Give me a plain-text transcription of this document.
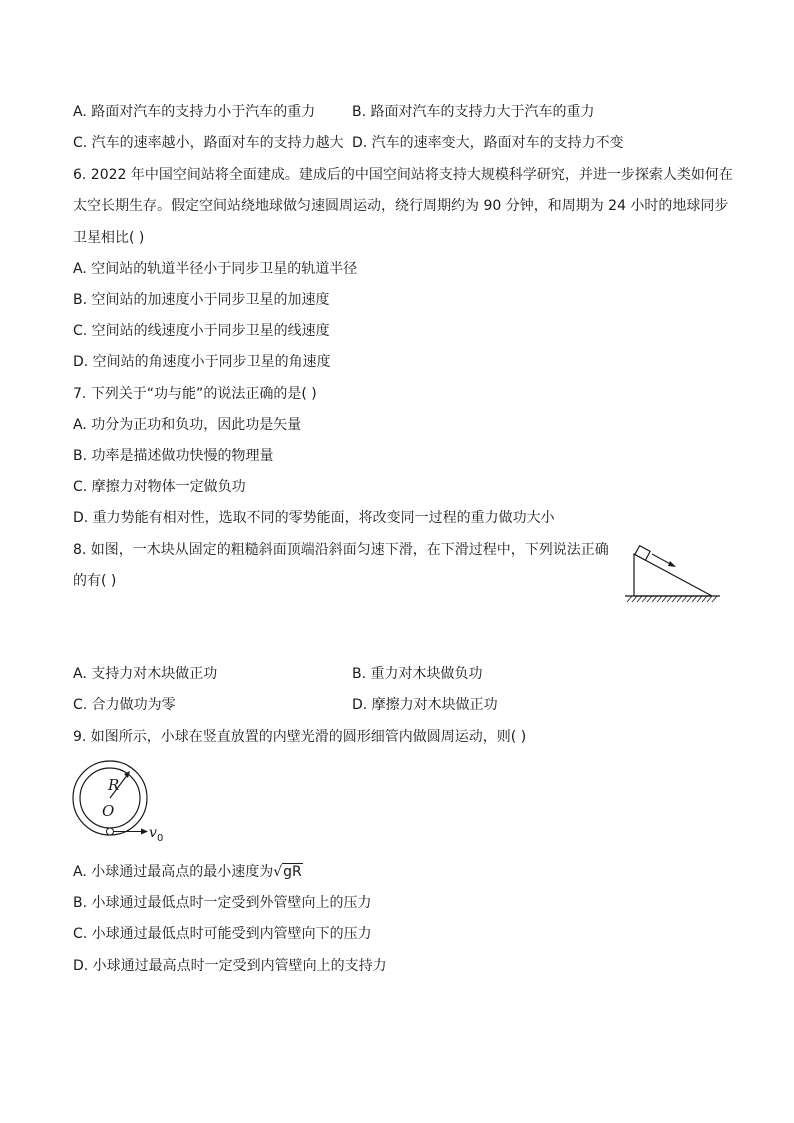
A. 路面对汽车的支持力小于汽车的重力	B. 路面对汽车的支持力大于汽车的重力
C. 汽车的速率越小，路面对车的支持力越大 D. 汽车的速率变大，路面对车的支持力不变
6. 2022 年中国空间站将全面建成。建成后的中国空间站将支持大规模科学研究，并进一步探索人类如何在
太空长期生存。假定空间站绕地球做匀速圆周运动，绕行周期约为 90 分钟，和周期为 24 小时的地球同步
卫星相比( )
A. 空间站的轨道半径小于同步卫星的轨道半径
B. 空间站的加速度小于同步卫星的加速度
C. 空间站的线速度小于同步卫星的线速度
D. 空间站的角速度小于同步卫星的角速度
7. 下列关于“功与能”的说法正确的是( )
A. 功分为正功和负功，因此功是矢量
B. 功率是描述做功快慢的物理量
C. 摩擦力对物体一定做负功
D. 重力势能有相对性，选取不同的零势能面，将改变同一过程的重力做功大小
8. 如图，一木块从固定的粗糙斜面顶端沿斜面匀速下滑，在下滑过程中，下列说法正确
的有( )
A. 支持力对木块做正功	B. 重力对木块做负功
C. 合力做功为零	D. 摩擦力对木块做正功
9. 如图所示，小球在竖直放置的内壁光滑的圆形细管内做圆周运动，则( )
R
O
v 0
A. 小球通过最高点的最小速度为√gR
B. 小球通过最低点时一定受到外管壁向上的压力
C. 小球通过最低点时可能受到内管壁向下的压力
D. 小球通过最高点时一定受到内管壁向上的支持力
